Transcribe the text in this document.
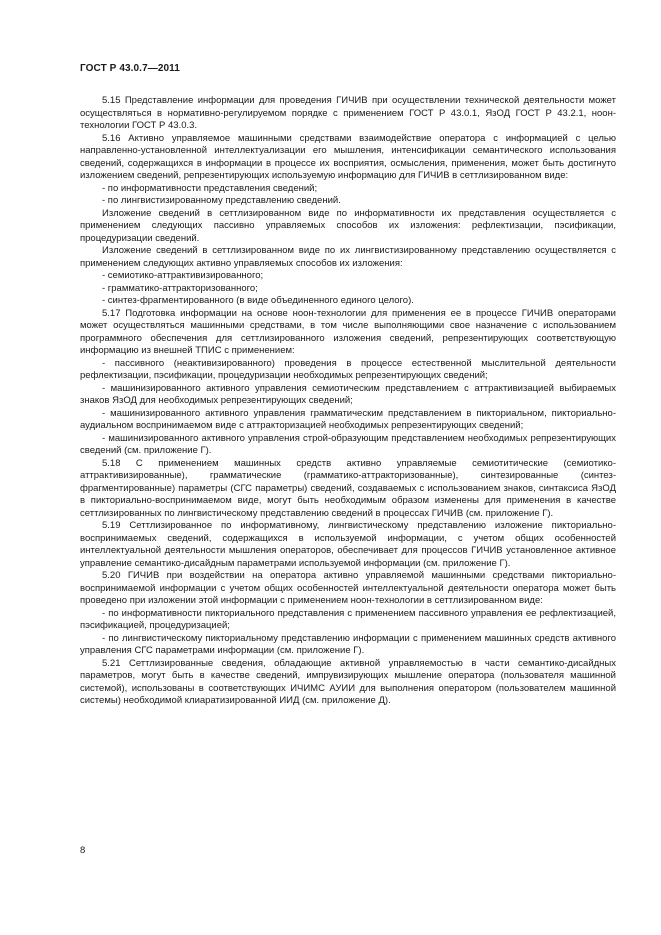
ГОСТ Р 43.0.7—2011

5.15 Представление информации для проведения ГИЧИВ при осуществлении технической деятельности может осуществляться в нормативно-регулируемом порядке с применением ГОСТ Р 43.0.1, ЯзОД ГОСТ Р 43.2.1, ноон-технологии ГОСТ Р 43.0.3.

5.16 Активно управляемое машинными средствами взаимодействие оператора с информацией с целью направленно-установленной интеллектуализации его мышления, интенсификации семантического использования сведений, содержащихся в информации в процессе их восприятия, осмысления, применения, может быть достигнуто изложением сведений, репрезентирующих используемую информацию для ГИЧИВ в сеттлизированном виде:

- по информативности представления сведений;

- по лингвистизированному представлению сведений.

Изложение сведений в сеттлизированном виде по информативности их представления осуществляется с применением следующих пассивно управляемых способов их изложения: рефлектизации, пэсификации, процедуризации сведений.

Изложение сведений в сеттлизированном виде по их лингвистизированному представлению осуществляется с применением следующих активно управляемых способов их изложения:

- семиотико-аттрактивизированного;

- грамматико-аттракторизованного;

- синтез-фрагментированного (в виде объединенного единого целого).

5.17 Подготовка информации на основе ноон-технологии для применения ее в процессе ГИЧИВ операторами может осуществляться машинными средствами, в том числе выполняющими свое назначение с использованием программного обеспечения для сеттлизированного изложения сведений, репрезентирующих соответствующую информацию из внешней ТПИС с применением:

- пассивного (неактивизированного) проведения в процессе естественной мыслительной деятельности рефлектизации, пэсификации, процедуризации необходимых репрезентирующих сведений;

- машинизированного активного управления семиотическим представлением с аттрактивизацией выбираемых знаков ЯзОД для необходимых репрезентирующих сведений;

- машинизированного активного управления грамматическим представлением в пикториальном, пикториально-аудиальном воспринимаемом виде с аттракторизацией необходимых репрезентирующих сведений;

- машинизированного активного управления строй-образующим представлением необходимых репрезентирующих сведений (см. приложение Г).

5.18 С применением машинных средств активно управляемые семиотитические (семиотико-аттрактивизированные), грамматические (грамматико-аттракторизованные), синтезированные (синтез-фрагментированные) параметры (СГС параметры) сведений, создаваемых с использованием знаков, синтаксиса ЯзОД в пикториально-воспринимаемом виде, могут быть необходимым образом изменены для применения в качестве сеттлизированных по лингвистическому представлению сведений в процессах ГИЧИВ (см. приложение Г).

5.19 Сеттлизированное по информативному, лингвистическому представлению изложение пикториально-воспринимаемых сведений, содержащихся в используемой информации, с учетом общих особенностей интеллектуальной деятельности мышления операторов, обеспечивает для процессов ГИЧИВ установленное активное управление семантико-дисайдным параметрами используемой информации (см. приложение Г).

5.20 ГИЧИВ при воздействии на оператора активно управляемой машинными средствами пикториально-воспринимаемой информации с учетом общих особенностей интеллектуальной деятельности оператора может быть проведено при изложении этой информации с применением ноон-технологии в сеттлизированном виде:

- по информативности пикториального представления с применением пассивного управления ее рефлектизацией, пэсификацией, процедуризацией;

- по лингвистическому пикториальному представлению информации с применением машинных средств активного управления СГС параметрами информации (см. приложение Г).

5.21 Сеттлизированные сведения, обладающие активной управляемостью в части семантико-дисайдных параметров, могут быть в качестве сведений, импрувизирующих мышление оператора (пользователя машинной системой), использованы в соответствующих ИЧИМС АУИИ для выполнения оператором (пользователем машинной системы) необходимой клиаратизированной ИИД (см. приложение Д).

8
